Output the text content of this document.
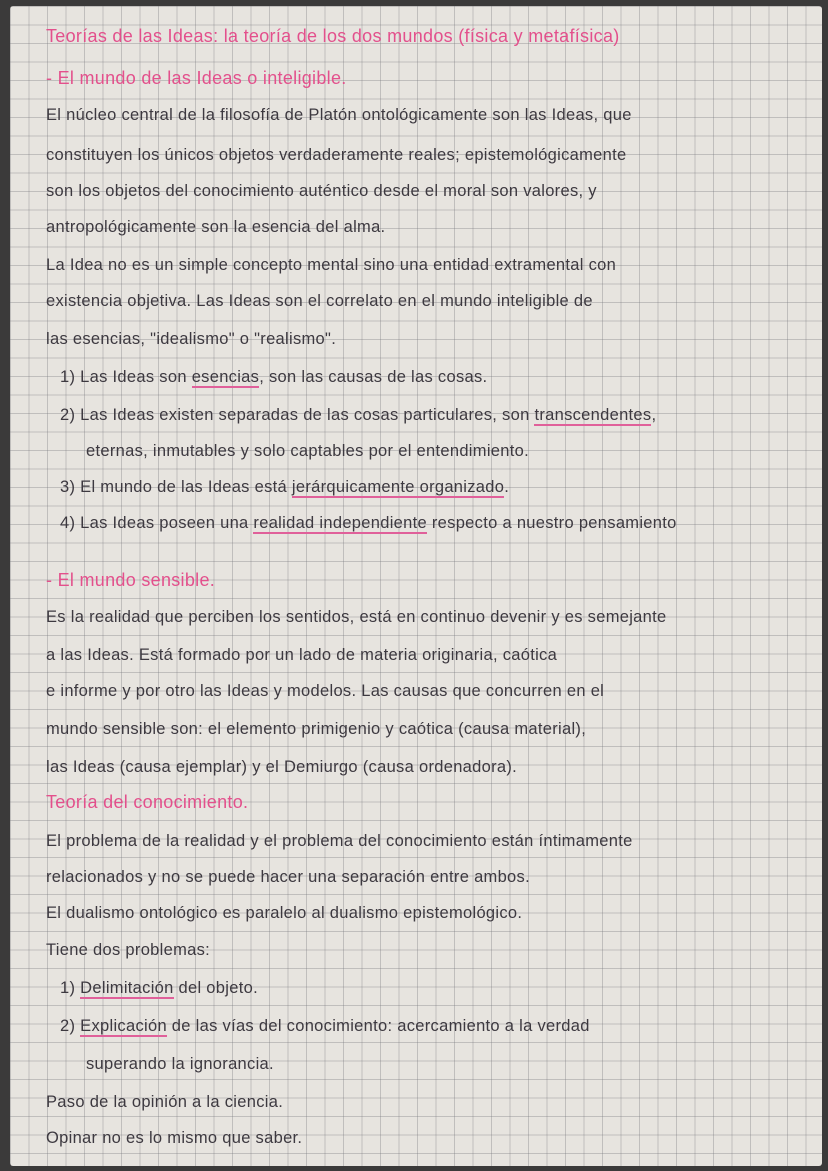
Teorías de las Ideas: la teoría de los dos mundos (física y metafísica)
- El mundo de las Ideas o inteligible.
El núcleo central de la filosofía de Platón ontológicamente son las Ideas, que
constituyen los únicos objetos verdaderamente reales; epistemológicamente
son los objetos del conocimiento auténtico desde el moral son valores, y
antropológicamente son la esencia del alma.
La Idea no es un simple concepto mental sino una entidad extramental con
existencia objetiva. Las Ideas son el correlato en el mundo inteligible de
las esencias, "idealismo" o "realismo".
1) Las Ideas son esencias, son las causas de las cosas.
2) Las Ideas existen separadas de las cosas particulares, son transcendentes,
eternas, inmutables y solo captables por el entendimiento.
3) El mundo de las Ideas está jerárquicamente organizado.
4) Las Ideas poseen una realidad independiente respecto a nuestro pensamiento
- El mundo sensible.
Es la realidad que perciben los sentidos, está en continuo devenir y es semejante
a las Ideas. Está formado por un lado de materia originaria, caótica
e informe y por otro las Ideas y modelos. Las causas que concurren en el
mundo sensible son: el elemento primigenio y caótica (causa material),
las Ideas (causa ejemplar) y el Demiurgo (causa ordenadora).
Teoría del conocimiento.
El problema de la realidad y el problema del conocimiento están íntimamente
relacionados y no se puede hacer una separación entre ambos.
El dualismo ontológico es paralelo al dualismo epistemológico.
Tiene dos problemas:
1) Delimitación del objeto.
2) Explicación de las vías del conocimiento: acercamiento a la verdad
superando la ignorancia.
Paso de la opinión a la ciencia.
Opinar no es lo mismo que saber.
